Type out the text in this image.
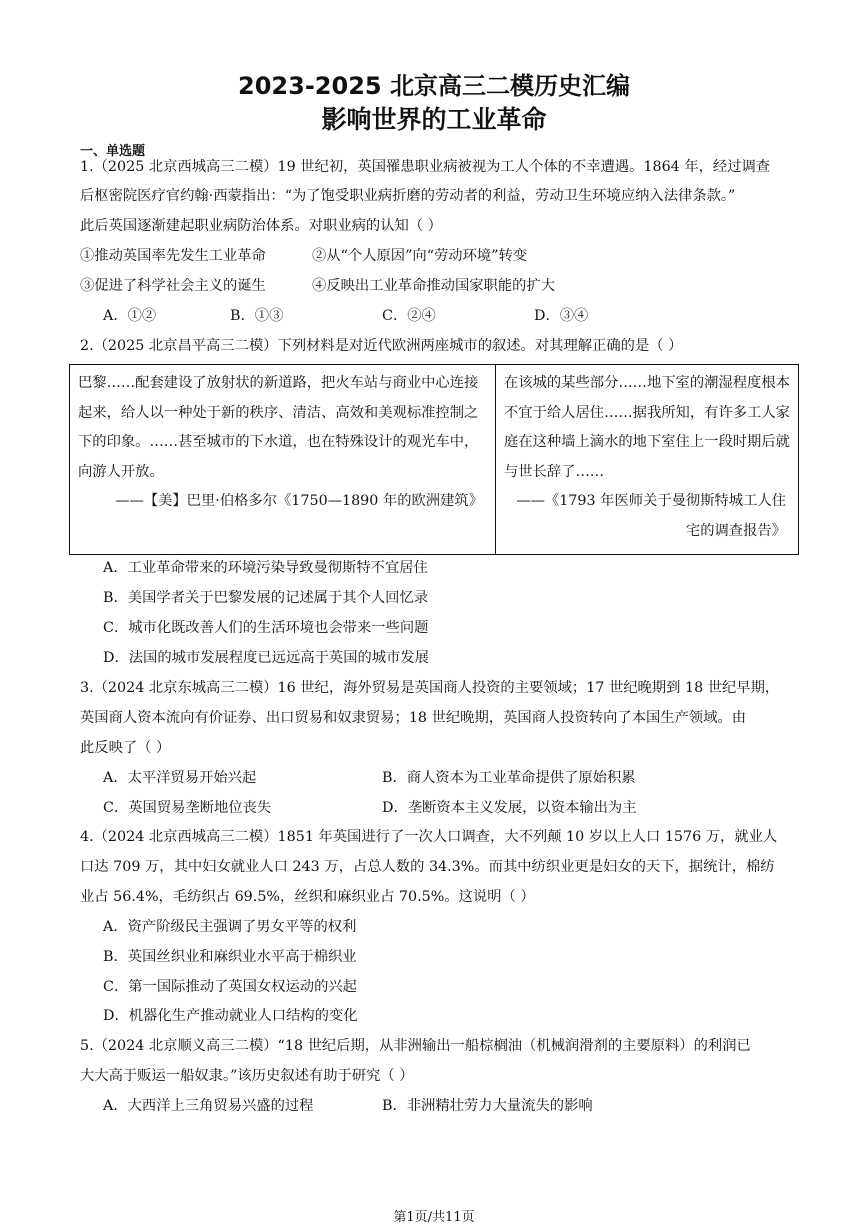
2023-2025 北京高三二模历史汇编
影响世界的工业革命
一、单选题
1.（2025 北京西城高三二模）19 世纪初，英国罹患职业病被视为工人个体的不幸遭遇。1864 年，经过调查
后枢密院医疗官约翰·西蒙指出：“为了饱受职业病折磨的劳动者的利益，劳动卫生环境应纳入法律条款。”
此后英国逐渐建起职业病防治体系。对职业病的认知（ ）
①推动英国率先发生工业革命	②从“个人原因”向“劳动环境”转变
③促进了科学社会主义的诞生	④反映出工业革命推动国家职能的扩大
A．①②	B．①③	C．②④	D．③④
2.（2025 北京昌平高三二模）下列材料是对近代欧洲两座城市的叙述。对其理解正确的是（ ）
巴黎……配套建设了放射状的新道路，把火车站与商业中心连接起来，给人以一种处于新的秩序、清洁、高效和美观标准控制之下的印象。……甚至城市的下水道，也在特殊设计的观光车中，向游人开放。
——【美】巴里·伯格多尔《1750—1890 年的欧洲建筑》

在该城的某些部分……地下室的潮湿程度根本不宜于给人居住……据我所知，有许多工人家庭在这种墙上滴水的地下室住上一段时期后就与世长辞了……
——《1793 年医师关于曼彻斯特城工人住宅的调查报告》
A．工业革命带来的环境污染导致曼彻斯特不宜居住
B．美国学者关于巴黎发展的记述属于其个人回忆录
C．城市化既改善人们的生活环境也会带来一些问题
D．法国的城市发展程度已远远高于英国的城市发展
3.（2024 北京东城高三二模）16 世纪，海外贸易是英国商人投资的主要领域；17 世纪晚期到 18 世纪早期，
英国商人资本流向有价证券、出口贸易和奴隶贸易；18 世纪晚期，英国商人投资转向了本国生产领域。由
此反映了（ ）
A．太平洋贸易开始兴起	B．商人资本为工业革命提供了原始积累
C．英国贸易垄断地位丧失	D．垄断资本主义发展，以资本输出为主
4.（2024 北京西城高三二模）1851 年英国进行了一次人口调查，大不列颠 10 岁以上人口 1576 万，就业人
口达 709 万，其中妇女就业人口 243 万，占总人数的 34.3%。而其中纺织业更是妇女的天下，据统计，棉纺
业占 56.4%，毛纺织占 69.5%，丝织和麻织业占 70.5%。这说明（ ）
A．资产阶级民主强调了男女平等的权利
B．英国丝织业和麻织业水平高于棉织业
C．第一国际推动了英国女权运动的兴起
D．机器化生产推动就业人口结构的变化
5.（2024 北京顺义高三二模）“18 世纪后期，从非洲输出一船棕榈油（机械润滑剂的主要原料）的利润已
大大高于贩运一船奴隶。”该历史叙述有助于研究（ ）
A．大西洋上三角贸易兴盛的过程	B．非洲精壮劳力大量流失的影响
第1页/共11页
